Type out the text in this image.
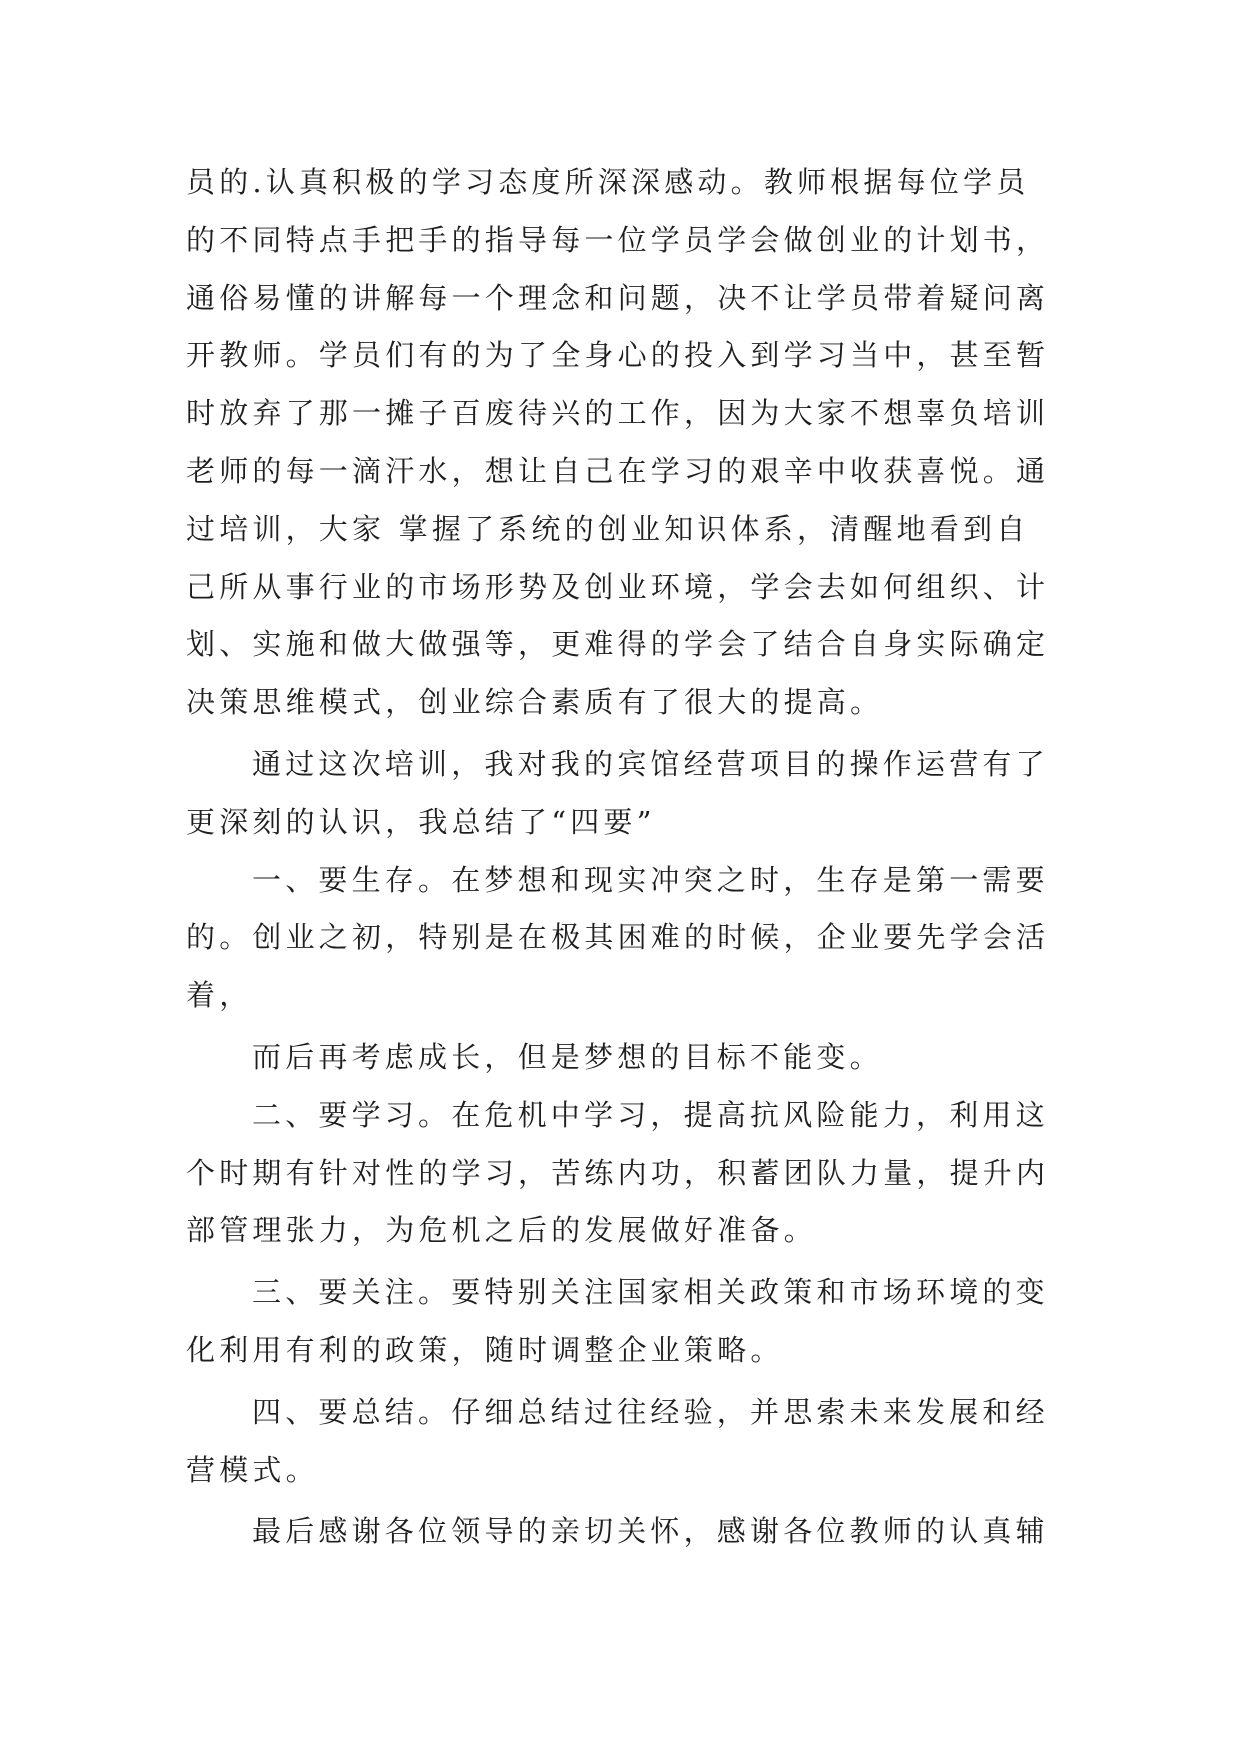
员的.认真积极的学习态度所深深感动。教师根据每位学员
的不同特点手把手的指导每一位学员学会做创业的计划书，
通俗易懂的讲解每一个理念和问题，决不让学员带着疑问离
开教师。学员们有的为了全身心的投入到学习当中，甚至暂
时放弃了那一摊子百废待兴的工作，因为大家不想辜负培训
老师的每一滴汗水，想让自己在学习的艰辛中收获喜悦。通
过培训，大家 掌握了系统的创业知识体系，清醒地看到自
己所从事行业的市场形势及创业环境，学会去如何组织、计
划、实施和做大做强等，更难得的学会了结合自身实际确定
决策思维模式，创业综合素质有了很大的提高。

通过这次培训，我对我的宾馆经营项目的操作运营有了
更深刻的认识，我总结了“四要”

一、要生存。在梦想和现实冲突之时，生存是第一需要
的。创业之初，特别是在极其困难的时候，企业要先学会活
着，

而后再考虑成长，但是梦想的目标不能变。

二、要学习。在危机中学习，提高抗风险能力，利用这
个时期有针对性的学习，苦练内功，积蓄团队力量，提升内
部管理张力，为危机之后的发展做好准备。

三、要关注。要特别关注国家相关政策和市场环境的变
化利用有利的政策，随时调整企业策略。

四、要总结。仔细总结过往经验，并思索未来发展和经
营模式。

最后感谢各位领导的亲切关怀，感谢各位教师的认真辅
